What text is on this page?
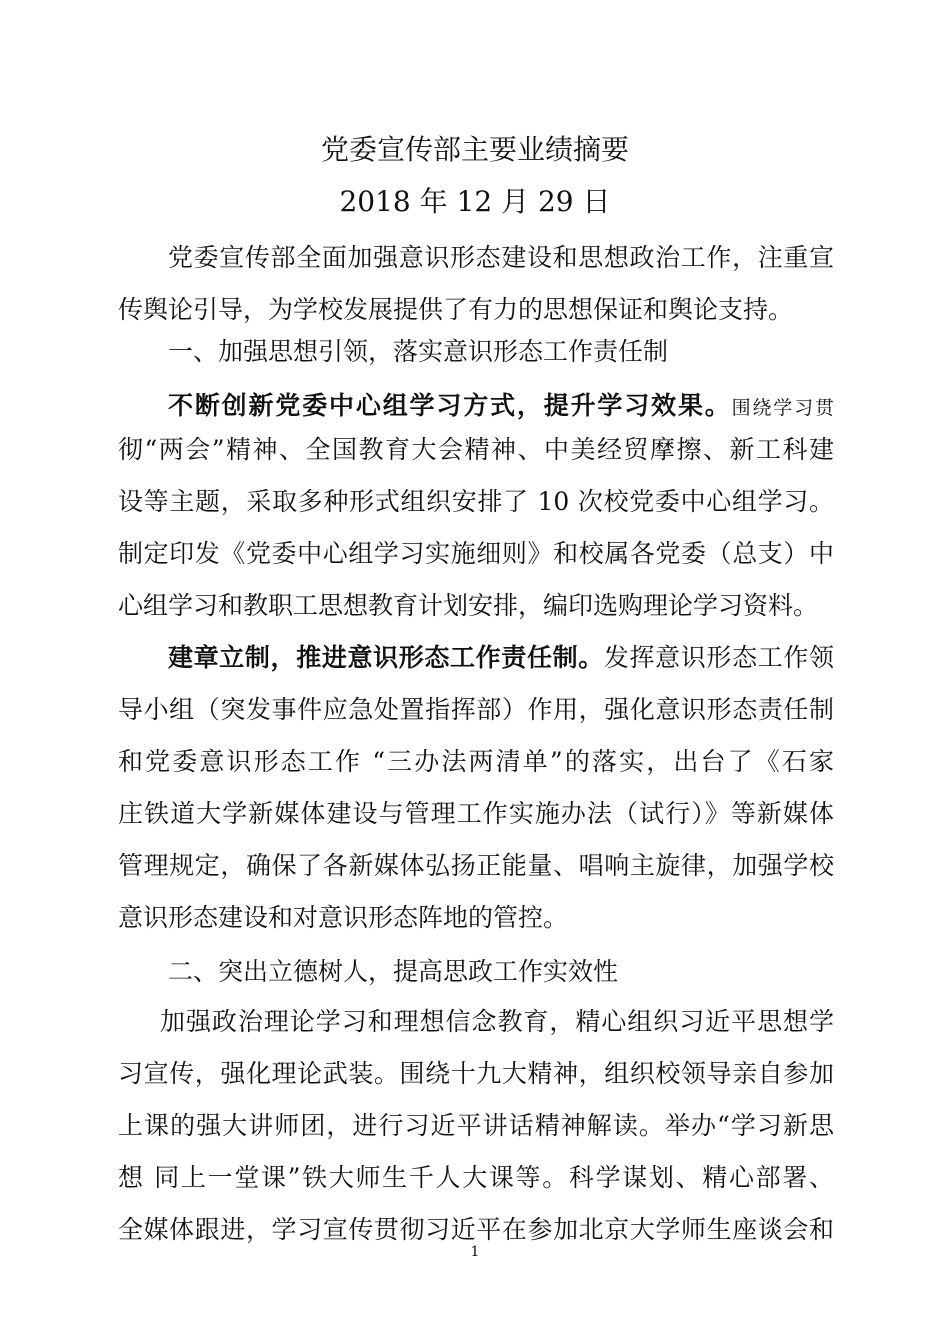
党委宣传部主要业绩摘要

2018 年 12 月 29 日

党委宣传部全面加强意识形态建设和思想政治工作，注重宣

传舆论引导，为学校发展提供了有力的思想保证和舆论支持。

一、加强思想引领，落实意识形态工作责任制

不断创新党委中心组学习方式，提升学习效果。围绕学习贯

彻“两会”精神、全国教育大会精神、中美经贸摩擦、新工科建

设等主题，采取多种形式组织安排了 10 次校党委中心组学习。

制定印发《党委中心组学习实施细则》和校属各党委（总支）中

心组学习和教职工思想教育计划安排，编印选购理论学习资料。

建章立制，推进意识形态工作责任制。发挥意识形态工作领

导小组（突发事件应急处置指挥部）作用，强化意识形态责任制

和党委意识形态工作 “三办法两清单”的落实，出台了《石家

庄铁道大学新媒体建设与管理工作实施办法（试行）》等新媒体

管理规定，确保了各新媒体弘扬正能量、唱响主旋律，加强学校

意识形态建设和对意识形态阵地的管控。

二、突出立德树人，提高思政工作实效性

加强政治理论学习和理想信念教育，精心组织习近平思想学

习宣传，强化理论武装。围绕十九大精神，组织校领导亲自参加

上课的强大讲师团，进行习近平讲话精神解读。举办“学习新思

想 同上一堂课”铁大师生千人大课等。科学谋划、精心部署、

全媒体跟进，学习宣传贯彻习近平在参加北京大学师生座谈会和

1
